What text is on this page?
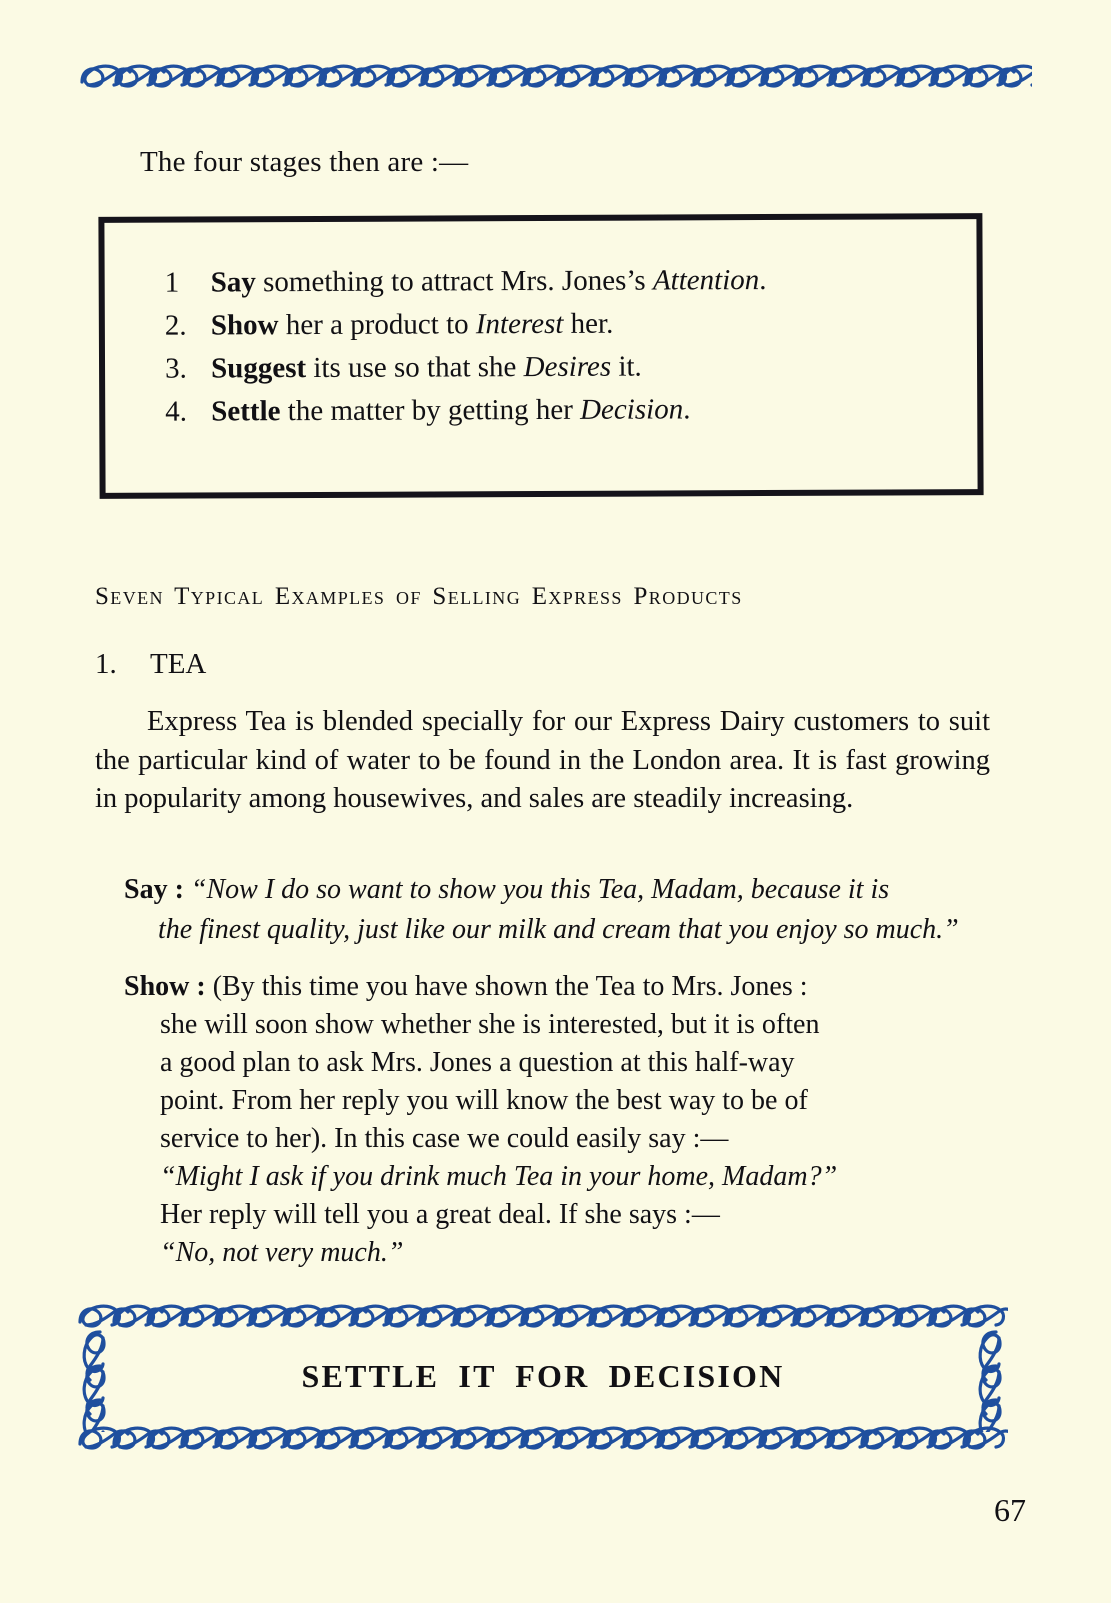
The four stages then are :—
1	Say something to attract Mrs. Jones’s Attention.
2. Show her a product to Interest her.
3. Suggest its use so that she Desires it.
4. Settle the matter by getting her Decision.
Seven Typical Examples of Selling Express Products
1. TEA
Express Tea is blended specially for our Express Dairy customers to suit the particular kind of water to be found in the London area. It is fast growing in popularity among housewives, and sales are steadily increasing.
Say : “Now I do so want to show you this Tea, Madam, because it is
the finest quality, just like our milk and cream that you enjoy so much.”
Show : (By this time you have shown the Tea to Mrs. Jones :
she will soon show whether she is interested, but it is often
a good plan to ask Mrs. Jones a question at this half-way
point. From her reply you will know the best way to be of
service to her). In this case we could easily say :—
“Might I ask if you drink much Tea in your home, Madam?”
Her reply will tell you a great deal. If she says :—
“No, not very much.”
SETTLE IT FOR DECISION
67
